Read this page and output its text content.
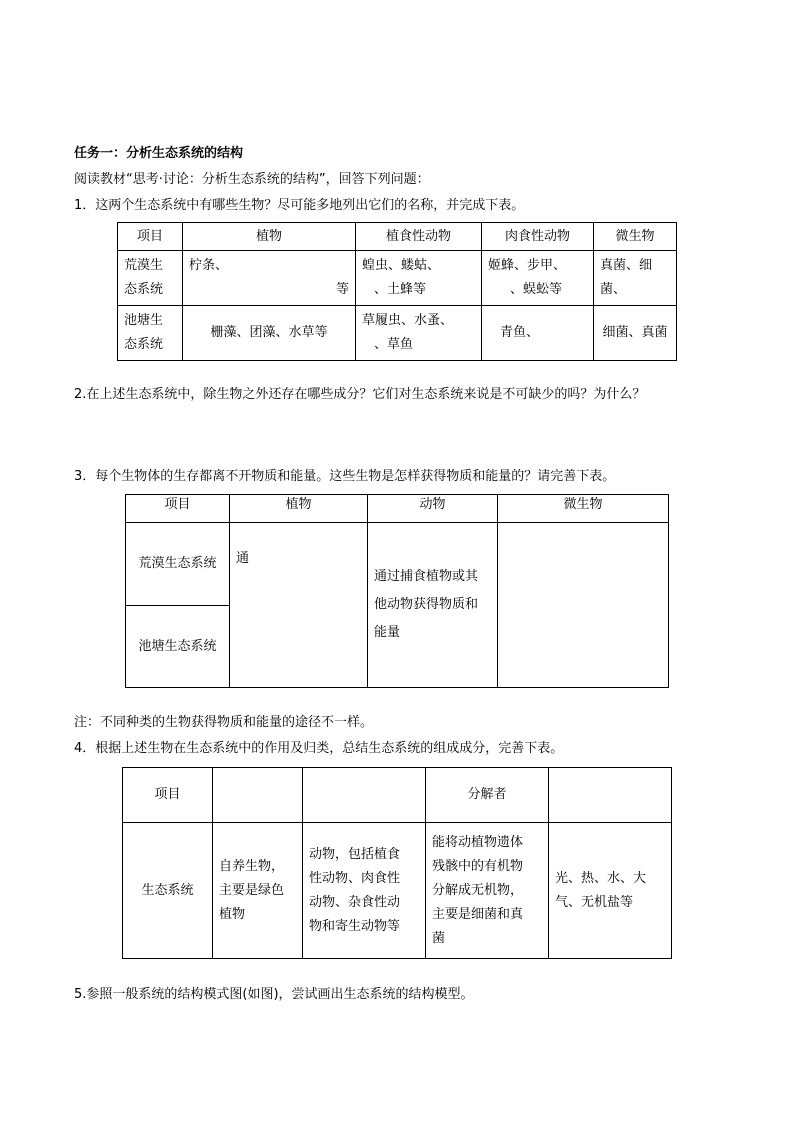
任务一：分析生态系统的结构
阅读教材“思考·讨论：分析生态系统的结构”，回答下列问题：
1．这两个生态系统中有哪些生物？尽可能多地列出它们的名称，并完成下表。
项目	植物	植食性动物	肉食性动物	微生物

荒漠生
态系统	柠条、
等	蝗虫、蝼蛄、
、土蜂等	姬蜂、步甲、
、蜈蚣等	真菌、细
菌、

池塘生
态系统	栅藻、团藻、水草等	草履虫、水蚤、
、草鱼	青鱼、	细菌、真菌
2.在上述生态系统中，除生物之外还存在哪些成分？它们对生态系统来说是不可缺少的吗？为什么？
3．每个生物体的生存都离不开物质和能量。这些生物是怎样获得物质和能量的？请完善下表。
项目	植物	动物	微生物
荒漠生态系统	通	通过捕食植物或其
他动物获得物质和
能量	

池塘生态系统			
注：不同种类的生物获得物质和能量的途径不一样。
4．根据上述生物在生态系统中的作用及归类，总结生态系统的组成成分，完善下表。
项目			分解者	
生态系统	自养生物，
主要是绿色
植物	动物，包括植食
性动物、肉食性
动物、杂食性动
物和寄生动物等	能将动植物遗体
残骸中的有机物
分解成无机物，
主要是细菌和真
菌	光、热、水、大
气、无机盐等
5.参照一般系统的结构模式图(如图)，尝试画出生态系统的结构模型。
